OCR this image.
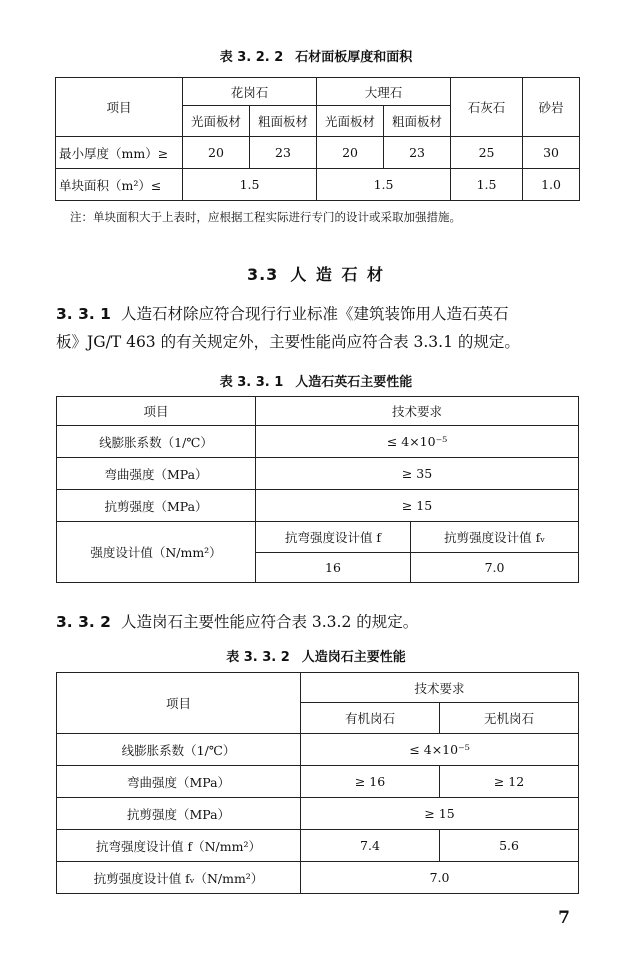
表 3. 2. 2 石材面板厚度和面积
项目	花岗石		大理石		石灰石	砂岩
	光面板材	粗面板材	光面板材	粗面板材		
最小厚度（mm）≥	20	23	20	23	25	30
单块面积（m²）≤	1.5		1.5		1.5	1.0
注：单块面积大于上表时，应根据工程实际进行专门的设计或采取加强措施。
3.3 人 造 石 材
3. 3. 1 人造石材除应符合现行行业标准《建筑装饰用人造石英石
板》JG/T 463 的有关规定外，主要性能尚应符合表 3.3.1 的规定。
表 3. 3. 1 人造石英石主要性能
项目	技术要求	
线膨胀系数（1/℃）	≤ 4×10⁻⁵	
弯曲强度（MPa）	≥ 35	
抗剪强度（MPa）	≥ 15	
强度设计值（N/mm²）	抗弯强度设计值 f	抗剪强度设计值 fᵥ
	16	7.0
3. 3. 2 人造岗石主要性能应符合表 3.3.2 的规定。
表 3. 3. 2 人造岗石主要性能
项目	技术要求	
	有机岗石	无机岗石
线膨胀系数（1/℃）	≤ 4×10⁻⁵	
弯曲强度（MPa）	≥ 16	≥ 12
抗剪强度（MPa）	≥ 15	
抗弯强度设计值 f（N/mm²）	7.4	5.6
抗剪强度设计值 fᵥ（N/mm²）	7.0	
7
